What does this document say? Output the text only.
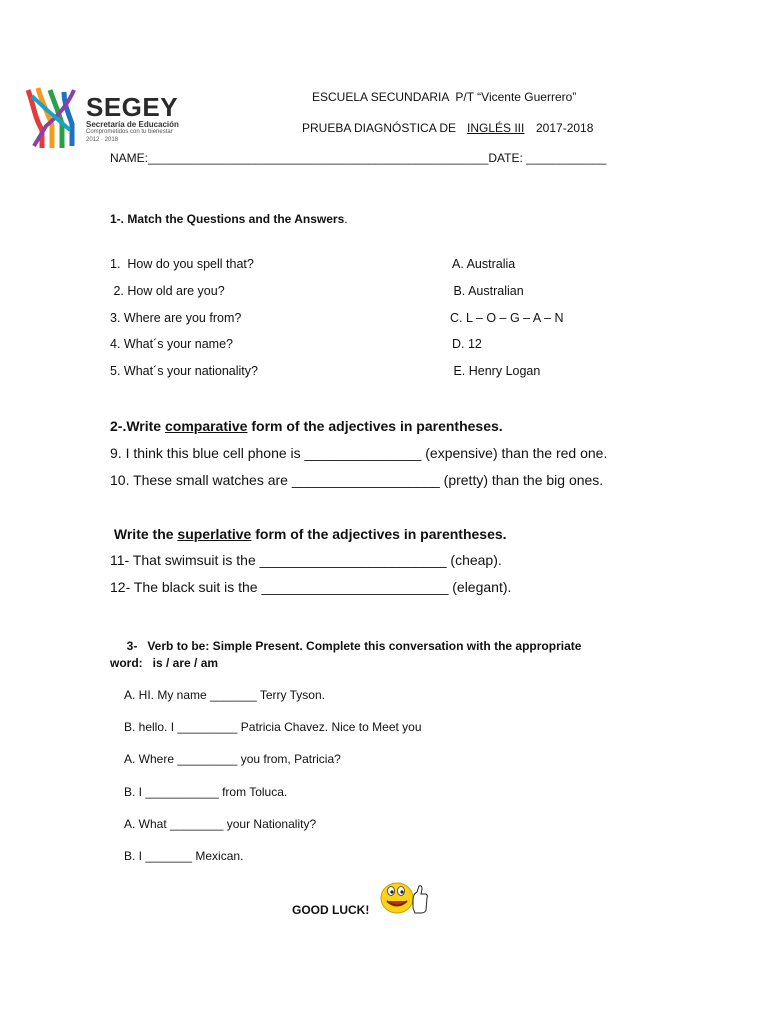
SEGEY
Secretaría de Educación
Comprometidos con tu bienestar
2012 · 2018
ESCUELA SECUNDARIA  P/T “Vicente Guerrero”
PRUEBA DIAGNÓSTICA DE INGLÉS III 2017-2018
NAME:___________________________________________________DATE: ____________
1-. Match the Questions and the Answers.
1.  How do you spell that?
2. How old are you?
3. Where are you from?
4. What´s your name?
5. What´s your nationality?
A. Australia
B. Australian
C. L – O – G – A – N
D. 12
E. Henry Logan
2-.Write comparative form of the adjectives in parentheses.
9. I think this blue cell phone is _______________ (expensive) than the red one.
10. These small watches are ___________________ (pretty) than the big ones.
Write the superlative form of the adjectives in parentheses.
11- That swimsuit is the ________________________ (cheap).
12- The black suit is the ________________________ (elegant).
3-   Verb to be: Simple Present. Complete this conversation with the appropriate
word:   is / are / am
A. HI. My name _______ Terry Tyson.
B. hello. I _________ Patricia Chavez. Nice to Meet you
A. Where _________ you from, Patricia?
B. I ___________ from Toluca.
A. What ________ your Nationality?
B. I _______ Mexican.
GOOD LUCK!
